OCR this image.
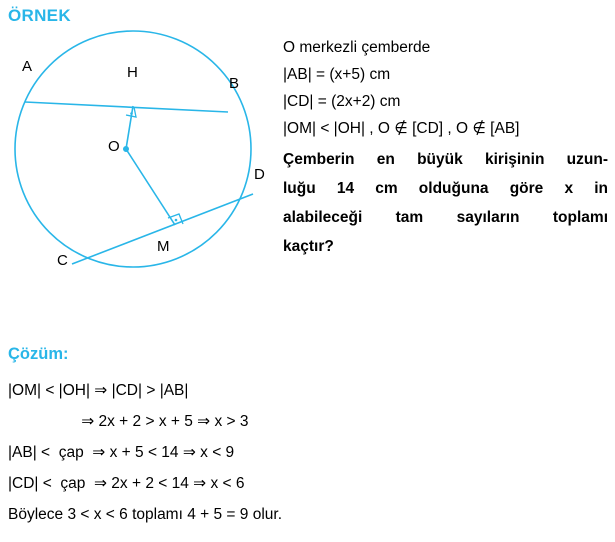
ÖRNEK
A	H
B
O
D
M
C
O merkezli çemberde
|AB| = (x+5) cm
|CD| = (2x+2) cm
|OM| < |OH| , O ∉ [CD] , O ∉ [AB]
Çemberin en büyük kirişinin uzun-
luğu 14 cm olduğuna göre x in
alabileceği tam sayıların toplamı
kaçtır?
Çözüm:
|OM| < |OH| ⇒ |CD| > |AB|
⇒ 2x + 2 > x + 5 ⇒ x > 3
|AB| <  çap  ⇒ x + 5 < 14 ⇒ x < 9
|CD| <  çap  ⇒ 2x + 2 < 14 ⇒ x < 6
Böylece 3 < x < 6 toplamı 4 + 5 = 9 olur.
